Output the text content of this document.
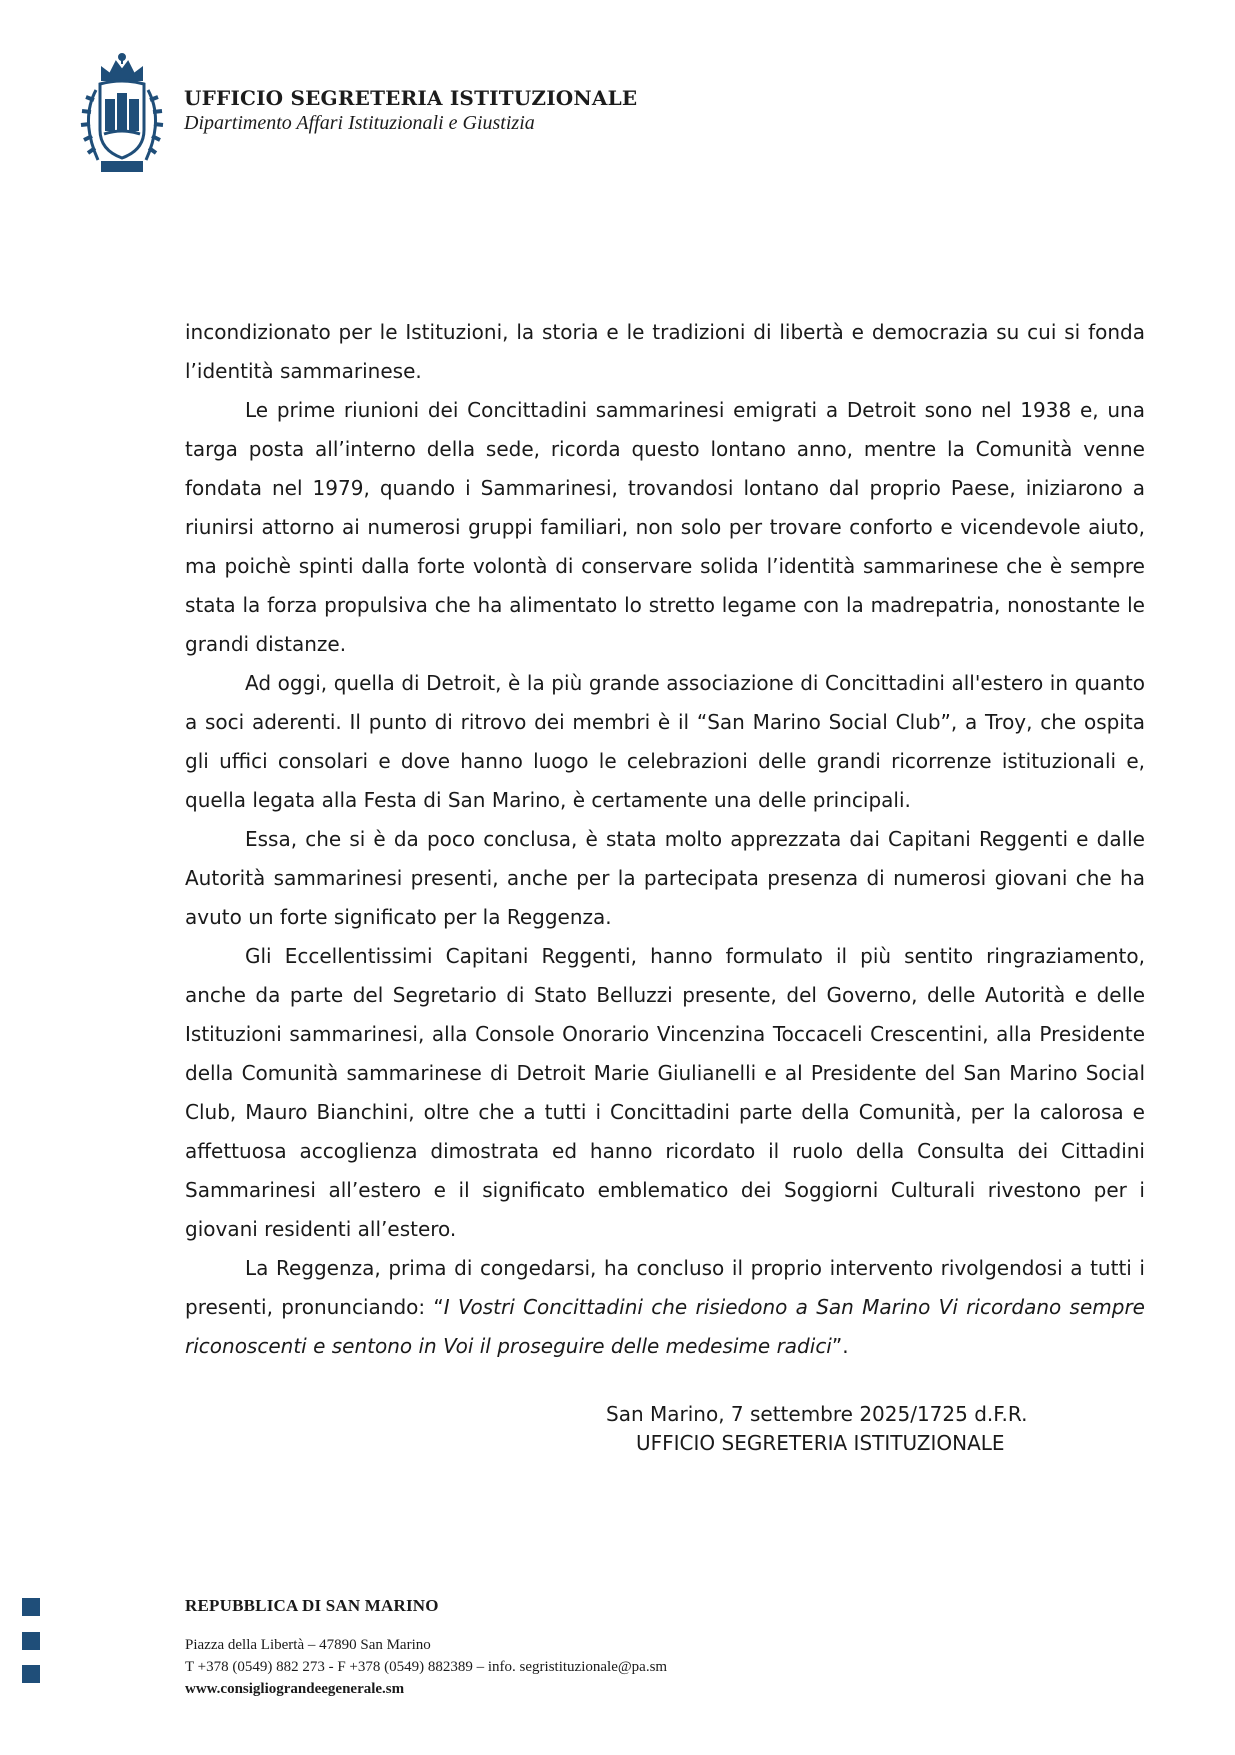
UFFICIO SEGRETERIA ISTITUZIONALE
Dipartimento Affari Istituzionali e Giustizia

incondizionato per le Istituzioni, la storia e le tradizioni di libertà e democrazia su cui si fonda l’identità sammarinese.

Le prime riunioni dei Concittadini sammarinesi emigrati a Detroit sono nel 1938 e, una targa posta all’interno della sede, ricorda questo lontano anno, mentre la Comunità venne fondata nel 1979, quando i Sammarinesi, trovandosi lontano dal proprio Paese, iniziarono a riunirsi attorno ai numerosi gruppi familiari, non solo per trovare conforto e vicendevole aiuto, ma poichè spinti dalla forte volontà di conservare solida l’identità sammarinese che è sempre stata la forza propulsiva che ha alimentato lo stretto legame con la madrepatria, nonostante le grandi distanze.

Ad oggi, quella di Detroit, è la più grande associazione di Concittadini all'estero in quanto a soci aderenti. Il punto di ritrovo dei membri è il “San Marino Social Club”, a Troy, che ospita gli uffici consolari e dove hanno luogo le celebrazioni delle grandi ricorrenze istituzionali e, quella legata alla Festa di San Marino, è certamente una delle principali.

Essa, che si è da poco conclusa, è stata molto apprezzata dai Capitani Reggenti e dalle Autorità sammarinesi presenti, anche per la partecipata presenza di numerosi giovani che ha avuto un forte significato per la Reggenza.

Gli Eccellentissimi Capitani Reggenti, hanno formulato il più sentito ringraziamento, anche da parte del Segretario di Stato Belluzzi presente, del Governo, delle Autorità e delle Istituzioni sammarinesi, alla Console Onorario Vincenzina Toccaceli Crescentini, alla Presidente della Comunità sammarinese di Detroit Marie Giulianelli e al Presidente del San Marino Social Club, Mauro Bianchini, oltre che a tutti i Concittadini parte della Comunità, per la calorosa e affettuosa accoglienza dimostrata ed hanno ricordato il ruolo della Consulta dei Cittadini Sammarinesi all’estero e il significato emblematico dei Soggiorni Culturali rivestono per i giovani residenti all’estero.

La Reggenza, prima di congedarsi, ha concluso il proprio intervento rivolgendosi a tutti i presenti, pronunciando: “I Vostri Concittadini che risiedono a San Marino Vi ricordano sempre riconoscenti e sentono in Voi il proseguire delle medesime radici”.

San Marino, 7 settembre 2025/1725 d.F.R.
UFFICIO SEGRETERIA ISTITUZIONALE
REPUBBLICA DI SAN MARINO
Piazza della Libertà – 47890 San Marino
T +378 (0549) 882 273 - F +378 (0549) 882389 – info. segristituzionale@pa.sm
www.consigliograndeegenerale.sm
